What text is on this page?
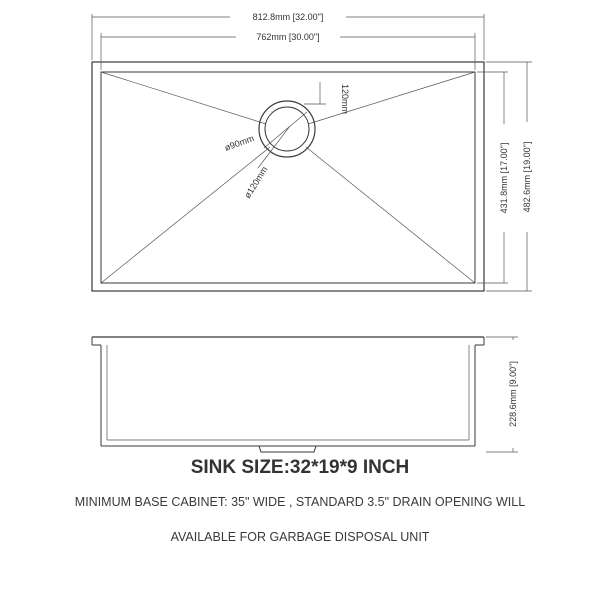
ø90mm
ø120mm
120mm
812.8mm [32.00"]
762mm [30.00"]
431.8mm [17.00"] 482.6mm [19.00"]
228.6mm [9.00"]
SINK SIZE:32*19*9 INCH
MINIMUM BASE CABINET: 35" WIDE , STANDARD 3.5" DRAIN OPENING WILL
AVAILABLE FOR GARBAGE DISPOSAL UNIT
